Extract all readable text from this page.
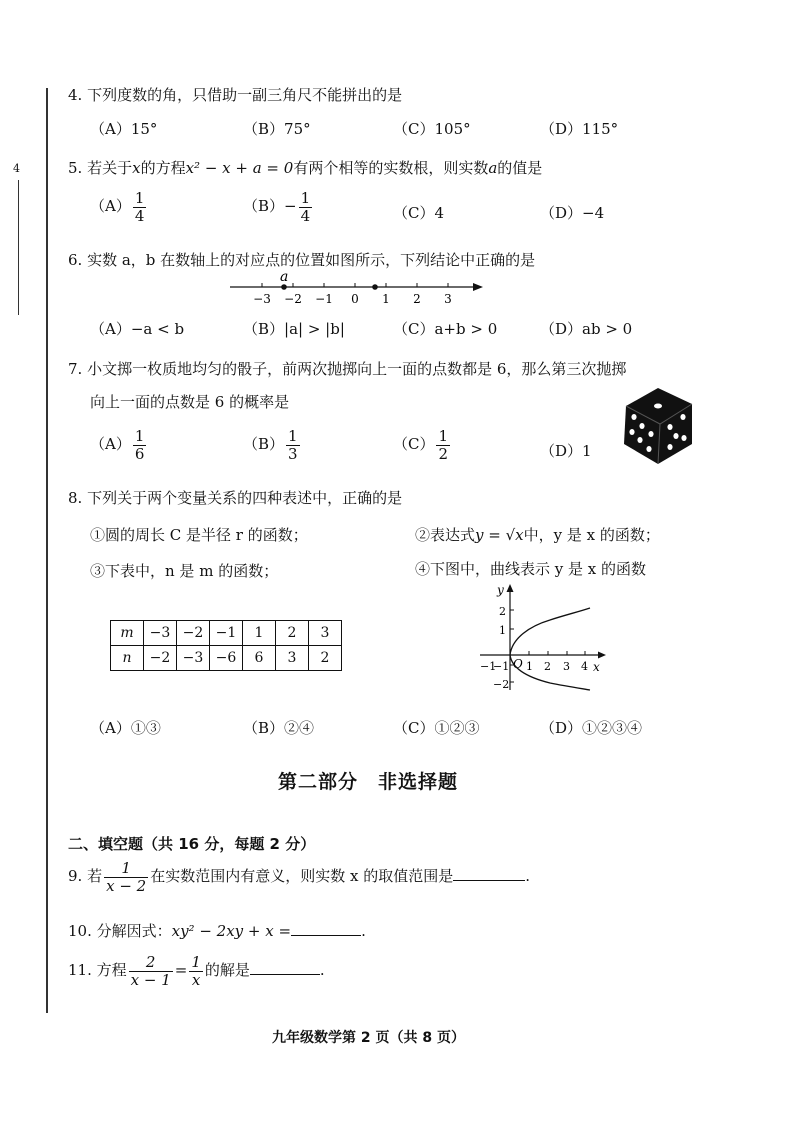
4
4. 下列度数的角，只借助一副三角尺不能拼出的是
（A）15°	（B）75°	（C）105°	（D）115°
5. 若关于x的方程x² − x + a = 0有两个相等的实数根，则实数a的值是
$(A) \frac{1}{4}$	$(B)- \frac{1}{4}$	（C）4	（D）−4
6. 实数 a，b 在数轴上的对应点的位置如图所示，下列结论中正确的是
−3 −2 −1 0 1 2 3
a
（A）−a < b	（B）|a| > |b|	（C）a+b > 0	（D）ab > 0
7. 小文掷一枚质地均匀的骰子，前两次抛掷向上一面的点数都是 6，那么第三次抛掷
向上一面的点数是 6 的概率是
$(A) \frac{1}{6}$	$(B) \frac{1}{3}$	$(C) \frac{1}{2}$	（D）1
8. 下列关于两个变量关系的四种表述中，正确的是
①圆的周长 C 是半径 r 的函数；	②表达式y = √x中，y 是 x 的函数；
③下表中，n 是 m 的函数；	④下图中，曲线表示 y 是 x 的函数
m	−3	−2	−1	1	2	3
n	−2	−3	−6	6	3	2
y
x
O
2
1
−1
−2
−1	1 2 3 4
（A）①③	（B）②④	（C）①②③	（D）①②③④
第二部分　非选择题
二、填空题（共 16 分，每题 2 分）
9. 若 $\frac{1}{x - 2}$ 在实数范围内有意义，则实数 x 的取值范围是	.
10. 分解因式：xy² − 2xy + x =	.
11. 方程 $\frac{2}{x - 1} = \frac{1}{x}$ 的解是	.
九年级数学第 2 页（共 8 页）
